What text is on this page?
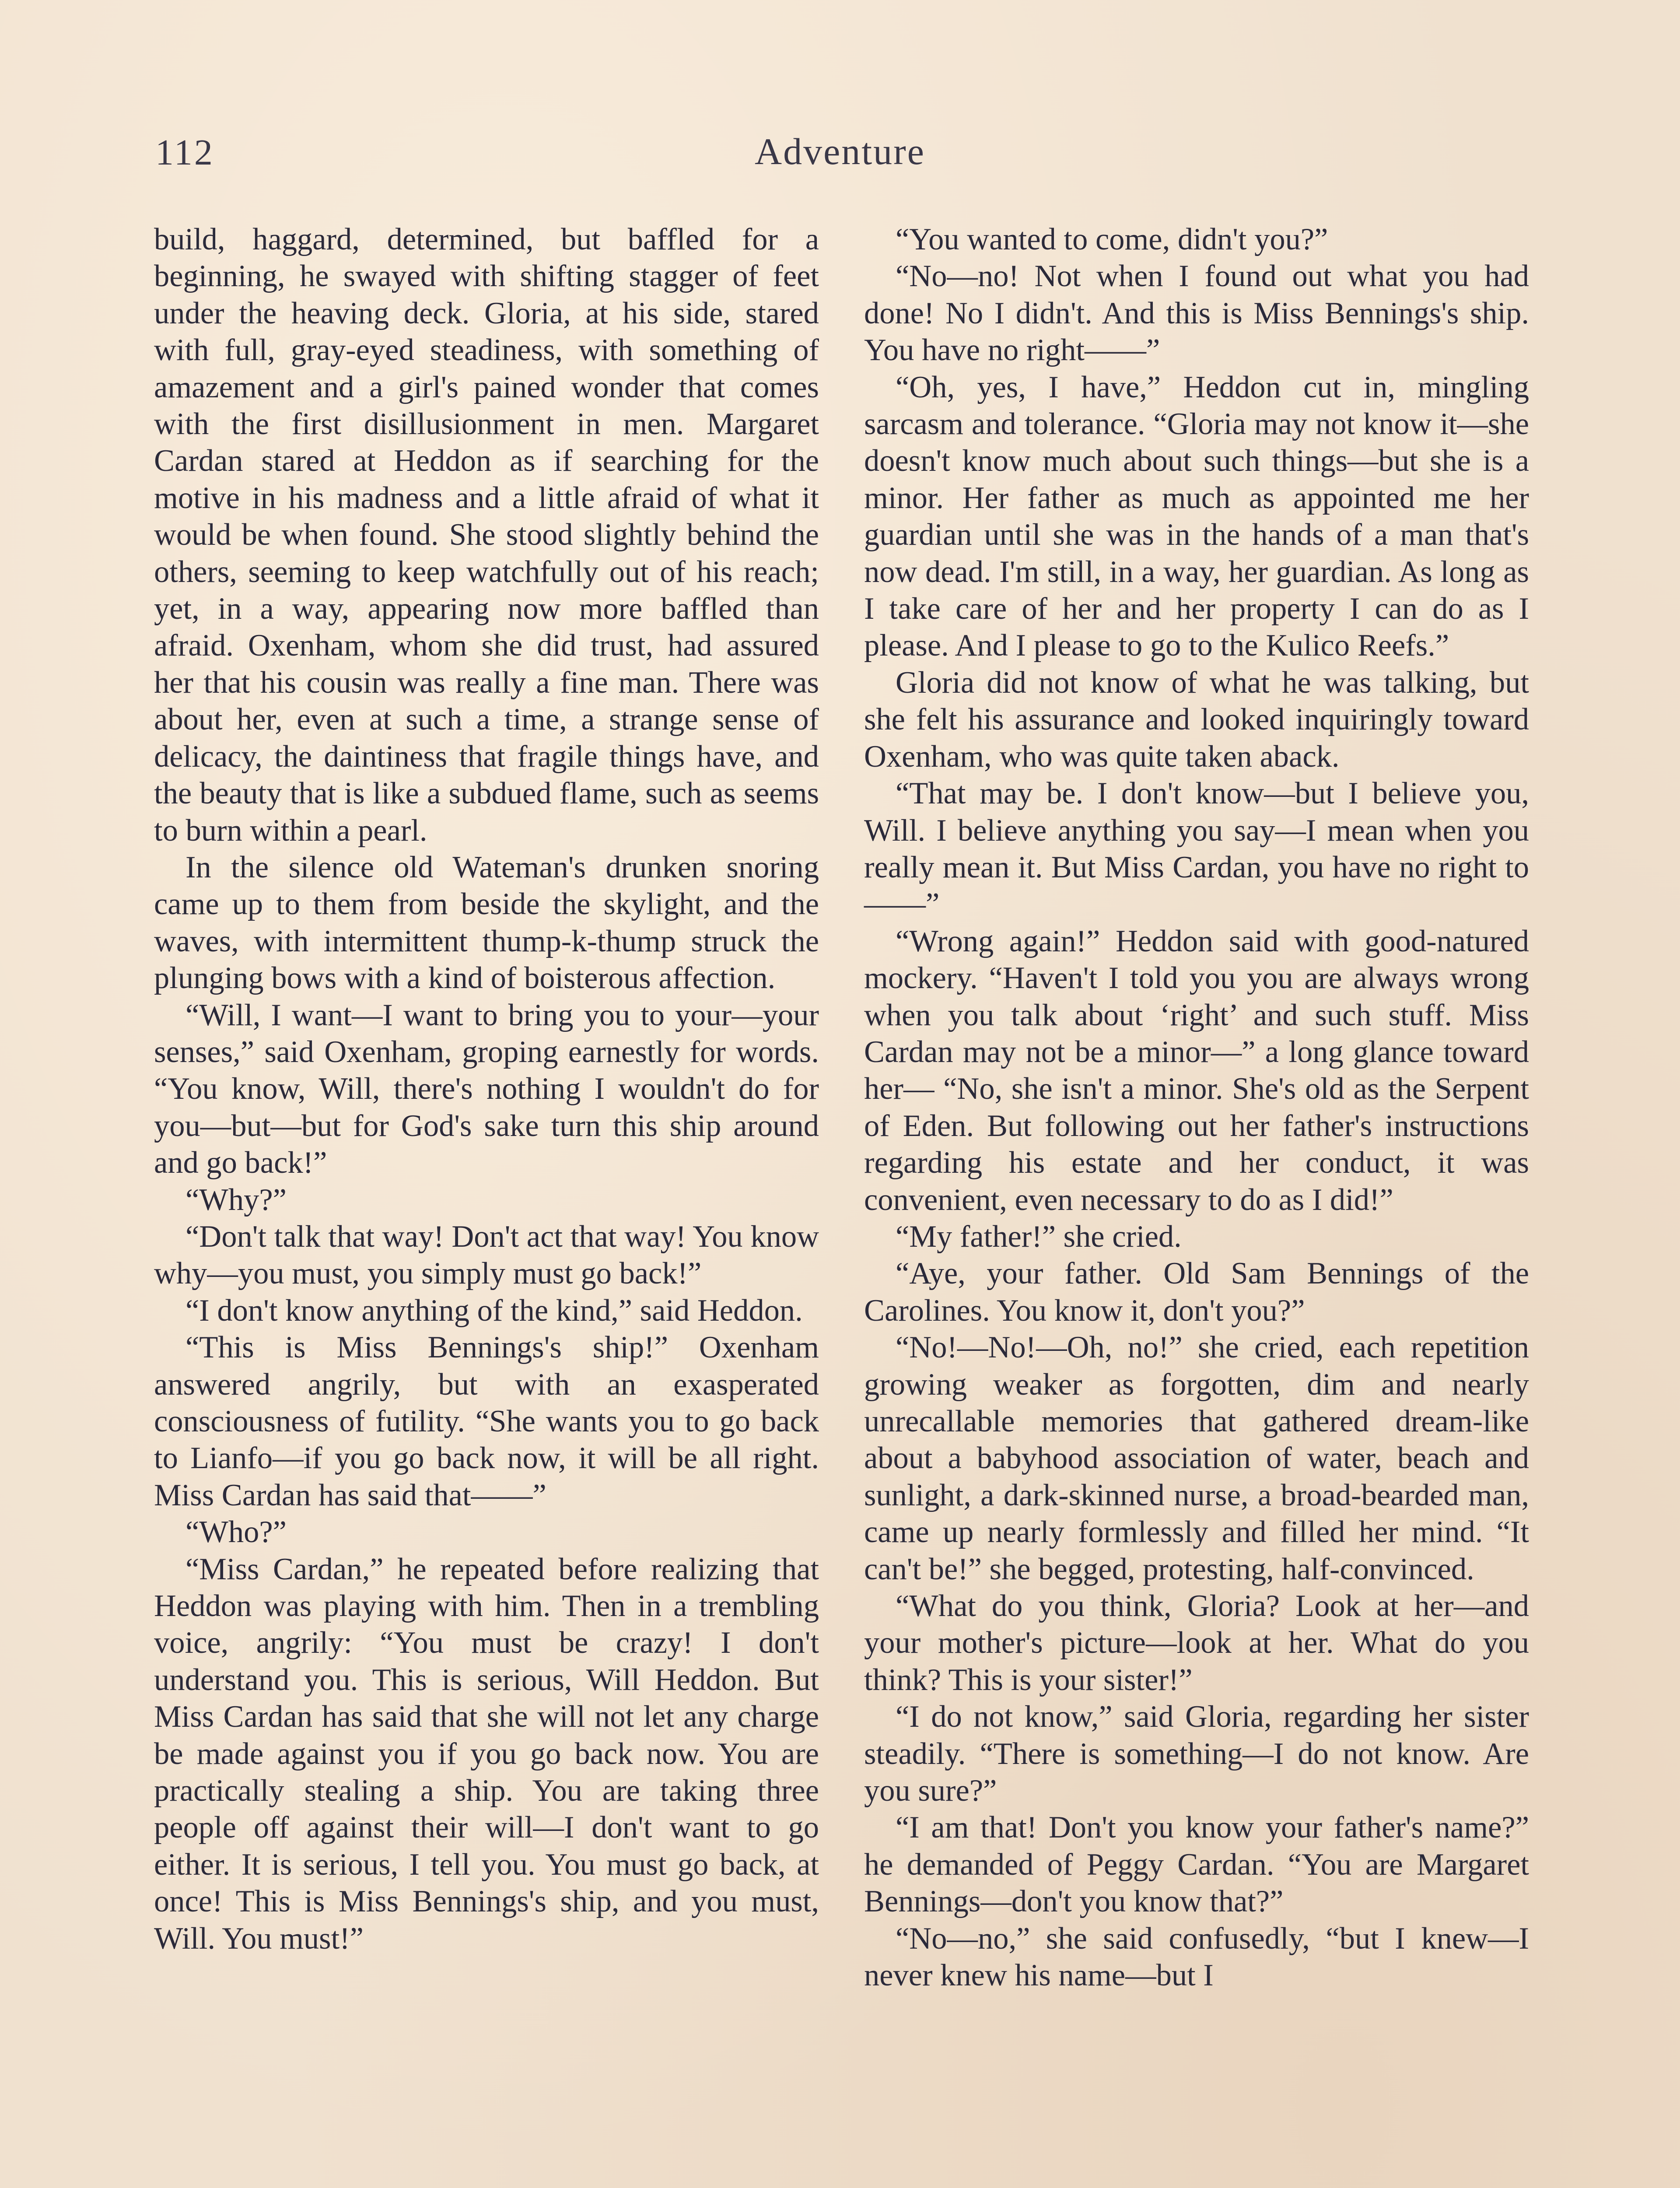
112	Adventure

build, haggard, determined, but baffled for a beginning, he swayed with shifting stagger of feet under the heaving deck. Gloria, at his side, stared with full, gray-eyed steadiness, with something of amazement and a girl's pained wonder that comes with the first disillusionment in men. Margaret Cardan stared at Heddon as if searching for the motive in his madness and a little afraid of what it would be when found. She stood slightly behind the others, seeming to keep watchfully out of his reach; yet, in a way, appearing now more baffled than afraid. Oxenham, whom she did trust, had assured her that his cousin was really a fine man. There was about her, even at such a time, a strange sense of delicacy, the daintiness that fragile things have, and the beauty that is like a subdued flame, such as seems to burn within a pearl.

In the silence old Wateman's drunken snoring came up to them from beside the skylight, and the waves, with intermittent thump-k-thump struck the plunging bows with a kind of boisterous affection.

“Will, I want—I want to bring you to your—your senses,” said Oxenham, groping earnestly for words. “You know, Will, there's nothing I wouldn't do for you—but—but for God's sake turn this ship around and go back!”

“Why?”

“Don't talk that way! Don't act that way! You know why—you must, you simply must go back!”

“I don't know anything of the kind,” said Heddon.

“This is Miss Bennings's ship!” Oxenham answered angrily, but with an exasperated consciousness of futility. “She wants you to go back to Lianfo—if you go back now, it will be all right. Miss Cardan has said that——”

“Who?”

“Miss Cardan,” he repeated before realizing that Heddon was playing with him. Then in a trembling voice, angrily: “You must be crazy! I don't understand you. This is serious, Will Heddon. But Miss Cardan has said that she will not let any charge be made against you if you go back now. You are practically stealing a ship. You are taking three people off against their will—I don't want to go either. It is serious, I tell you. You must go back, at once! This is Miss Bennings's ship, and you must, Will. You must!”

“You wanted to come, didn't you?”

“No—no! Not when I found out what you had done! No I didn't. And this is Miss Bennings's ship. You have no right——”

“Oh, yes, I have,” Heddon cut in, mingling sarcasm and tolerance. “Gloria may not know it—she doesn't know much about such things—but she is a minor. Her father as much as appointed me her guardian until she was in the hands of a man that's now dead. I'm still, in a way, her guardian. As long as I take care of her and her property I can do as I please. And I please to go to the Kulico Reefs.”

Gloria did not know of what he was talking, but she felt his assurance and looked inquiringly toward Oxenham, who was quite taken aback.

“That may be. I don't know—but I believe you, Will. I believe anything you say—I mean when you really mean it. But Miss Cardan, you have no right to——”

“Wrong again!” Heddon said with good-natured mockery. “Haven't I told you you are always wrong when you talk about ‘right’ and such stuff. Miss Cardan may not be a minor—” a long glance toward her— “No, she isn't a minor. She's old as the Serpent of Eden. But following out her father's instructions regarding his estate and her conduct, it was convenient, even necessary to do as I did!”

“My father!” she cried.

“Aye, your father. Old Sam Bennings of the Carolines. You know it, don't you?”

“No!—No!—Oh, no!” she cried, each repetition growing weaker as forgotten, dim and nearly unrecallable memories that gathered dream-like about a babyhood association of water, beach and sunlight, a dark-skinned nurse, a broad-bearded man, came up nearly formlessly and filled her mind. “It can't be!” she begged, protesting, half-convinced.

“What do you think, Gloria? Look at her—and your mother's picture—look at her. What do you think? This is your sister!”

“I do not know,” said Gloria, regarding her sister steadily. “There is something—I do not know. Are you sure?”

“I am that! Don't you know your father's name?” he demanded of Peggy Cardan. “You are Margaret Bennings—don't you know that?”

“No—no,” she said confusedly, “but I knew—I never knew his name—but I
